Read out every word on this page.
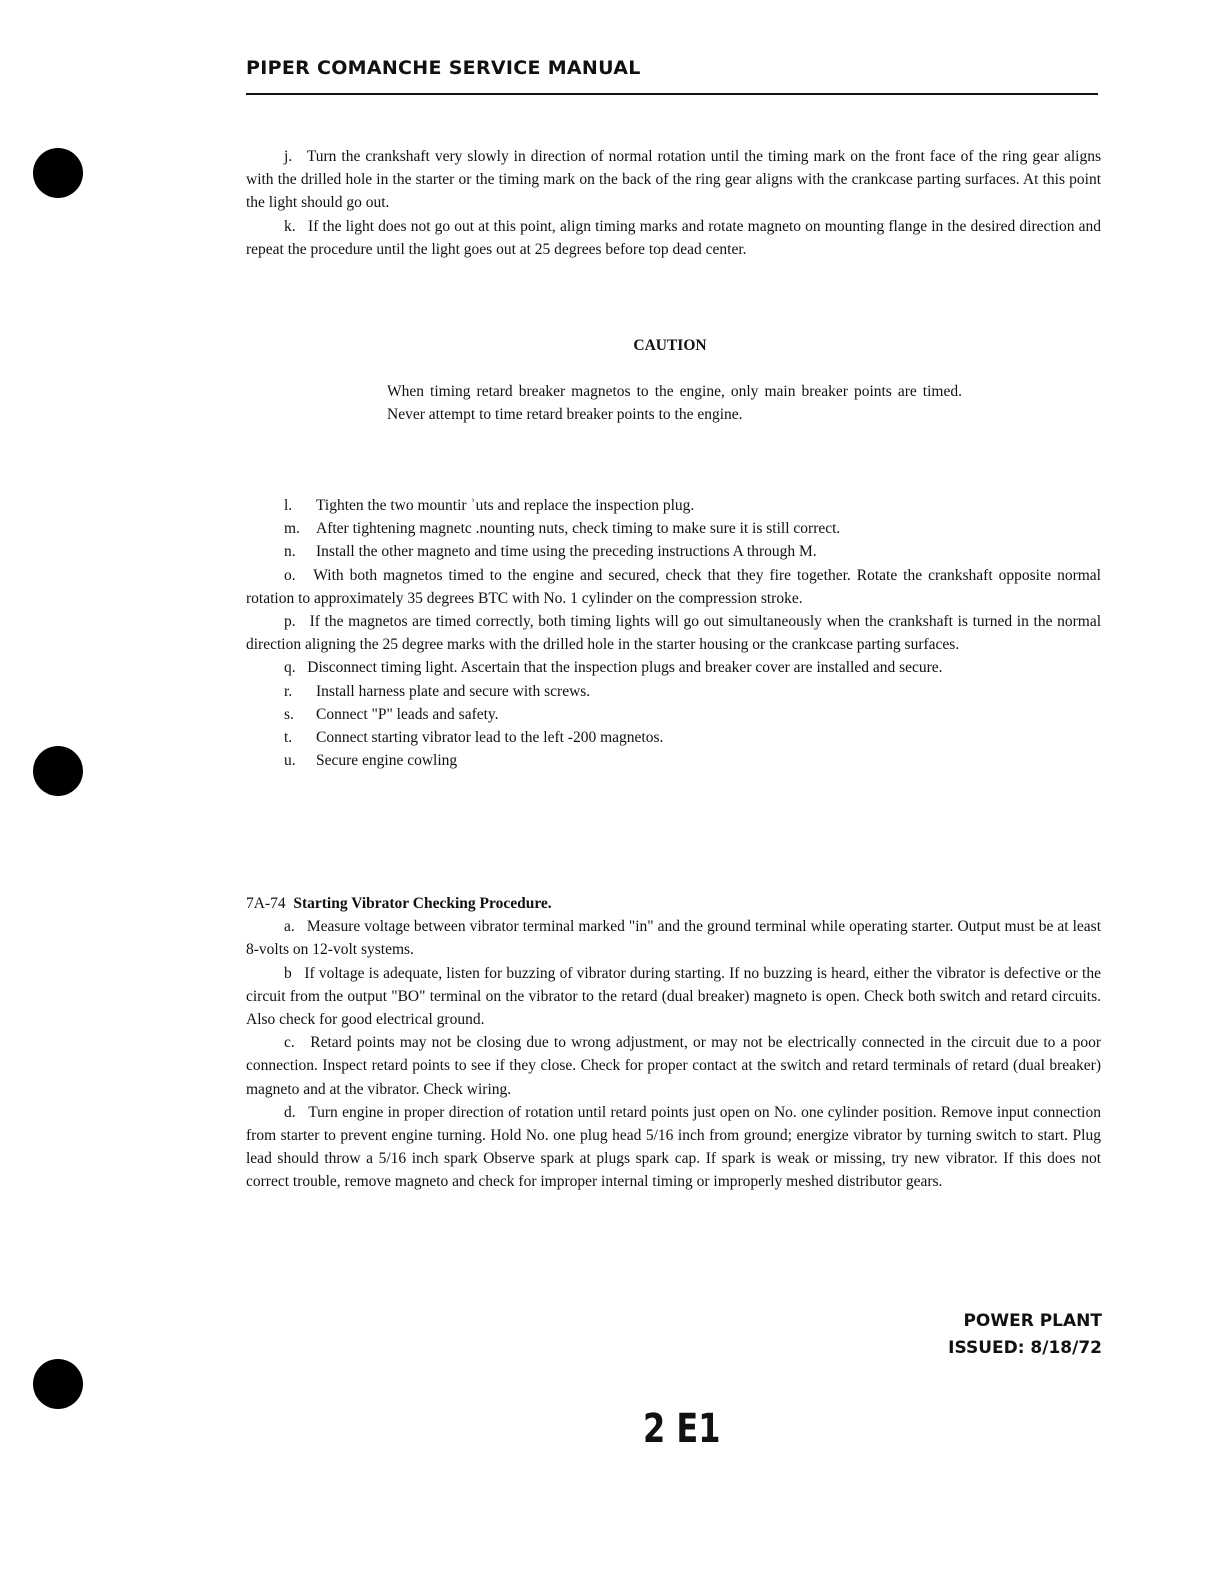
PIPER COMANCHE SERVICE MANUAL

j. Turn the crankshaft very slowly in direction of normal rotation until the timing mark on the front face of the ring gear aligns with the drilled hole in the starter or the timing mark on the back of the ring gear aligns with the crankcase parting surfaces. At this point the light should go out.

k. If the light does not go out at this point, align timing marks and rotate magneto on mounting flange in the desired direction and repeat the procedure until the light goes out at 25 degrees before top dead center.

CAUTION
When timing retard breaker magnetos to the engine, only main breaker points are timed. Never attempt to time retard breaker points to the engine.

l. Tighten the two mountir ʾuts and replace the inspection plug.

m. After tightening magnetc .nounting nuts, check timing to make sure it is still correct.

n. Install the other magneto and time using the preceding instructions A through M.

o. With both magnetos timed to the engine and secured, check that they fire together. Rotate the crankshaft opposite normal rotation to approximately 35 degrees BTC with No. 1 cylinder on the compression stroke.

p. If the magnetos are timed correctly, both timing lights will go out simultaneously when the crankshaft is turned in the normal direction aligning the 25 degree marks with the drilled hole in the starter housing or the crankcase parting surfaces.

q. Disconnect timing light. Ascertain that the inspection plugs and breaker cover are installed and secure.

r. Install harness plate and secure with screws.

s. Connect "P" leads and safety.

t. Connect starting vibrator lead to the left -200 magnetos.

u. Secure engine cowling

7A-74 Starting Vibrator Checking Procedure.

a. Measure voltage between vibrator terminal marked "in" and the ground terminal while operating starter. Output must be at least 8-volts on 12-volt systems.

b If voltage is adequate, listen for buzzing of vibrator during starting. If no buzzing is heard, either the vibrator is defective or the circuit from the output "BO" terminal on the vibrator to the retard (dual breaker) magneto is open. Check both switch and retard circuits. Also check for good electrical ground.

c. Retard points may not be closing due to wrong adjustment, or may not be electrically connected in the circuit due to a poor connection. Inspect retard points to see if they close. Check for proper contact at the switch and retard terminals of retard (dual breaker) magneto and at the vibrator. Check wiring.

d. Turn engine in proper direction of rotation until retard points just open on No. one cylinder position. Remove input connection from starter to prevent engine turning. Hold No. one plug head 5/16 inch from ground; energize vibrator by turning switch to start. Plug lead should throw a 5/16 inch spark Observe spark at plugs spark cap. If spark is weak or missing, try new vibrator. If this does not correct trouble, remove magneto and check for improper internal timing or improperly meshed distributor gears.

POWER PLANT
ISSUED: 8/18/72
2 E1
